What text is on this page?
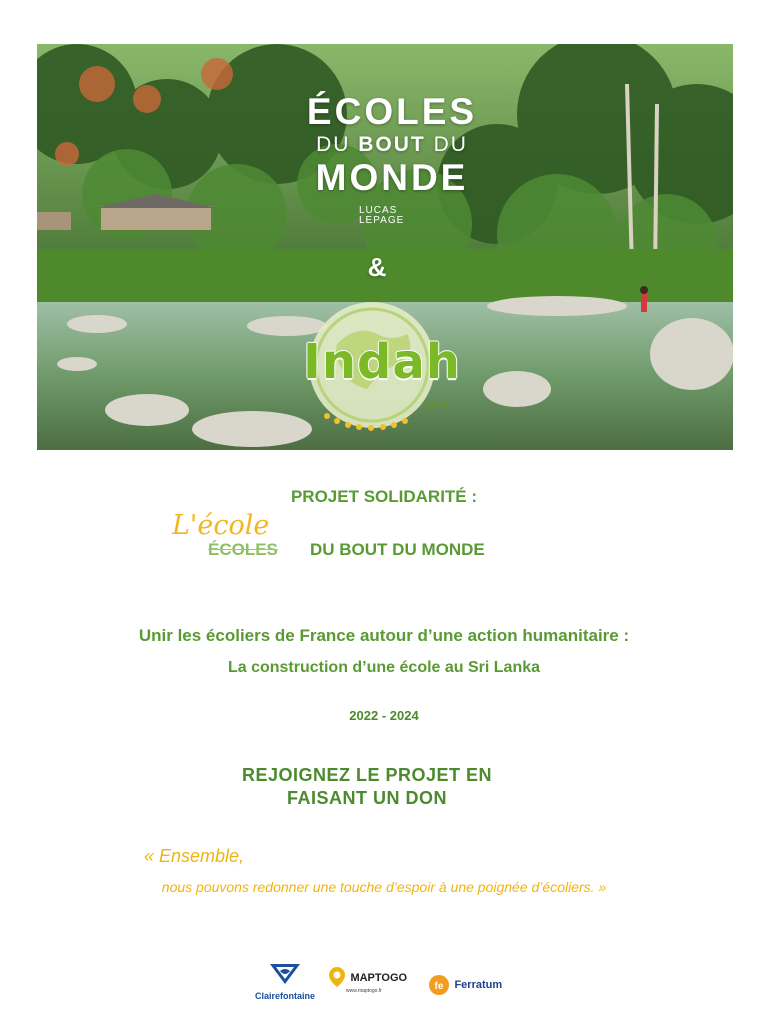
ÉCOLES
DU BOUT DU
MONDE
LUCAS
LEPAGE
&
Indah
a.s.b.l.
PROJET SOLIDARITÉ :
ÉCOLES
L'école
DU BOUT DU MONDE
Unir les écoliers de France autour d’une action humanitaire :
La construction d’une école au Sri Lanka
2022 - 2024
REJOIGNEZ LE PROJET EN
FAISANT UN DON
« Ensemble,
nous pouvons redonner une touche d’espoir à une poignée d’écoliers. »
Clairefontaine
MAPTOGO
www.maptogo.fr	fe Ferratum
